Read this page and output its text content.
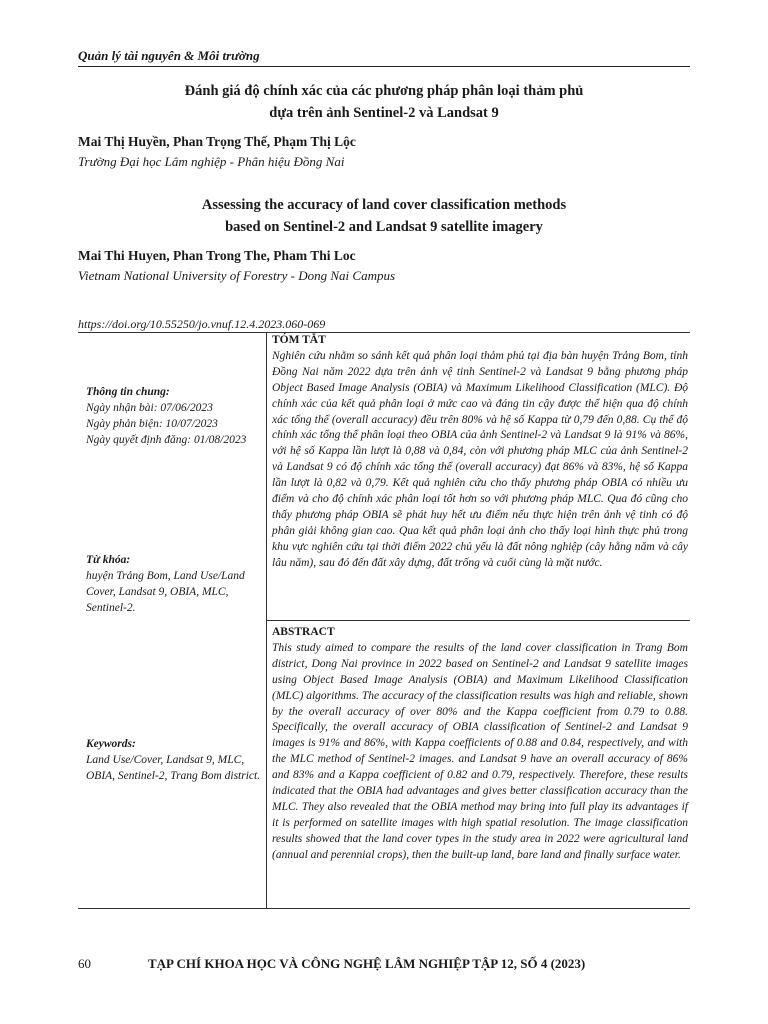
Quản lý tài nguyên & Môi trường
Đánh giá độ chính xác của các phương pháp phân loại thảm phủ
dựa trên ảnh Sentinel-2 và Landsat 9
Mai Thị Huyền, Phan Trọng Thế, Phạm Thị Lộc
Trường Đại học Lâm nghiệp - Phân hiệu Đồng Nai
Assessing the accuracy of land cover classification methods
based on Sentinel-2 and Landsat 9 satellite imagery
Mai Thi Huyen, Phan Trong The, Pham Thi Loc
Vietnam National University of Forestry - Dong Nai Campus
https://doi.org/10.55250/jo.vnuf.12.4.2023.060-069
Thông tin chung:
Ngày nhận bài: 07/06/2023
Ngày phản biện: 10/07/2023
Ngày quyết định đăng: 01/08/2023
Từ khóa:
huyện Trảng Bom, Land Use/Land Cover, Landsat 9, OBIA, MLC, Sentinel-2.
Keywords:
Land Use/Cover, Landsat 9, MLC, OBIA, Sentinel-2, Trang Bom district.
TÓM TẮT
Nghiên cứu nhằm so sánh kết quả phân loại thảm phủ tại địa bàn huyện Trảng Bom, tỉnh Đồng Nai năm 2022 dựa trên ảnh vệ tinh Sentinel-2 và Landsat 9 bằng phương pháp Object Based Image Analysis (OBIA) và Maximum Likelihood Classification (MLC). Độ chính xác của kết quả phân loại ở mức cao và đáng tin cậy được thể hiện qua độ chính xác tổng thể (overall accuracy) đều trên 80% và hệ số Kappa từ 0,79 đến 0,88. Cụ thể độ chính xác tổng thể phân loại theo OBIA của ảnh Sentinel-2 và Landsat 9 là 91% và 86%, với hệ số Kappa lần lượt là 0,88 và 0,84, còn với phương pháp MLC của ảnh Sentinel-2 và Landsat 9 có độ chính xác tổng thể (overall accuracy) đạt 86% và 83%, hệ số Kappa lần lượt là 0,82 và 0,79. Kết quả nghiên cứu cho thấy phương pháp OBIA có nhiều ưu điểm và cho độ chính xác phân loại tốt hơn so với phương pháp MLC. Qua đó cũng cho thấy phương pháp OBIA sẽ phát huy hết ưu điểm nếu thực hiện trên ảnh vệ tinh có độ phân giải không gian cao. Qua kết quả phân loại ảnh cho thấy loại hình thực phủ trong khu vực nghiên cứu tại thời điểm 2022 chủ yếu là đất nông nghiệp (cây hằng năm và cây lâu năm), sau đó đến đất xây dựng, đất trống và cuối cùng là mặt nước.
ABSTRACT
This study aimed to compare the results of the land cover classification in Trang Bom district, Dong Nai province in 2022 based on Sentinel-2 and Landsat 9 satellite images using Object Based Image Analysis (OBIA) and Maximum Likelihood Classification (MLC) algorithms. The accuracy of the classification results was high and reliable, shown by the overall accuracy of over 80% and the Kappa coefficient from 0.79 to 0.88. Specifically, the overall accuracy of OBIA classification of Sentinel-2 and Landsat 9 images is 91% and 86%, with Kappa coefficients of 0.88 and 0.84, respectively, and with the MLC method of Sentinel-2 images. and Landsat 9 have an overall accuracy of 86% and 83% and a Kappa coefficient of 0.82 and 0.79, respectively. Therefore, these results indicated that the OBIA had advantages and gives better classification accuracy than the MLC. They also revealed that the OBIA method may bring into full play its advantages if it is performed on satellite images with high spatial resolution. The image classification results showed that the land cover types in the study area in 2022 were agricultural land (annual and perennial crops), then the built-up land, bare land and finally surface water.
60	TẠP CHÍ KHOA HỌC VÀ CÔNG NGHỆ LÂM NGHIỆP TẬP 12, SỐ 4 (2023)
